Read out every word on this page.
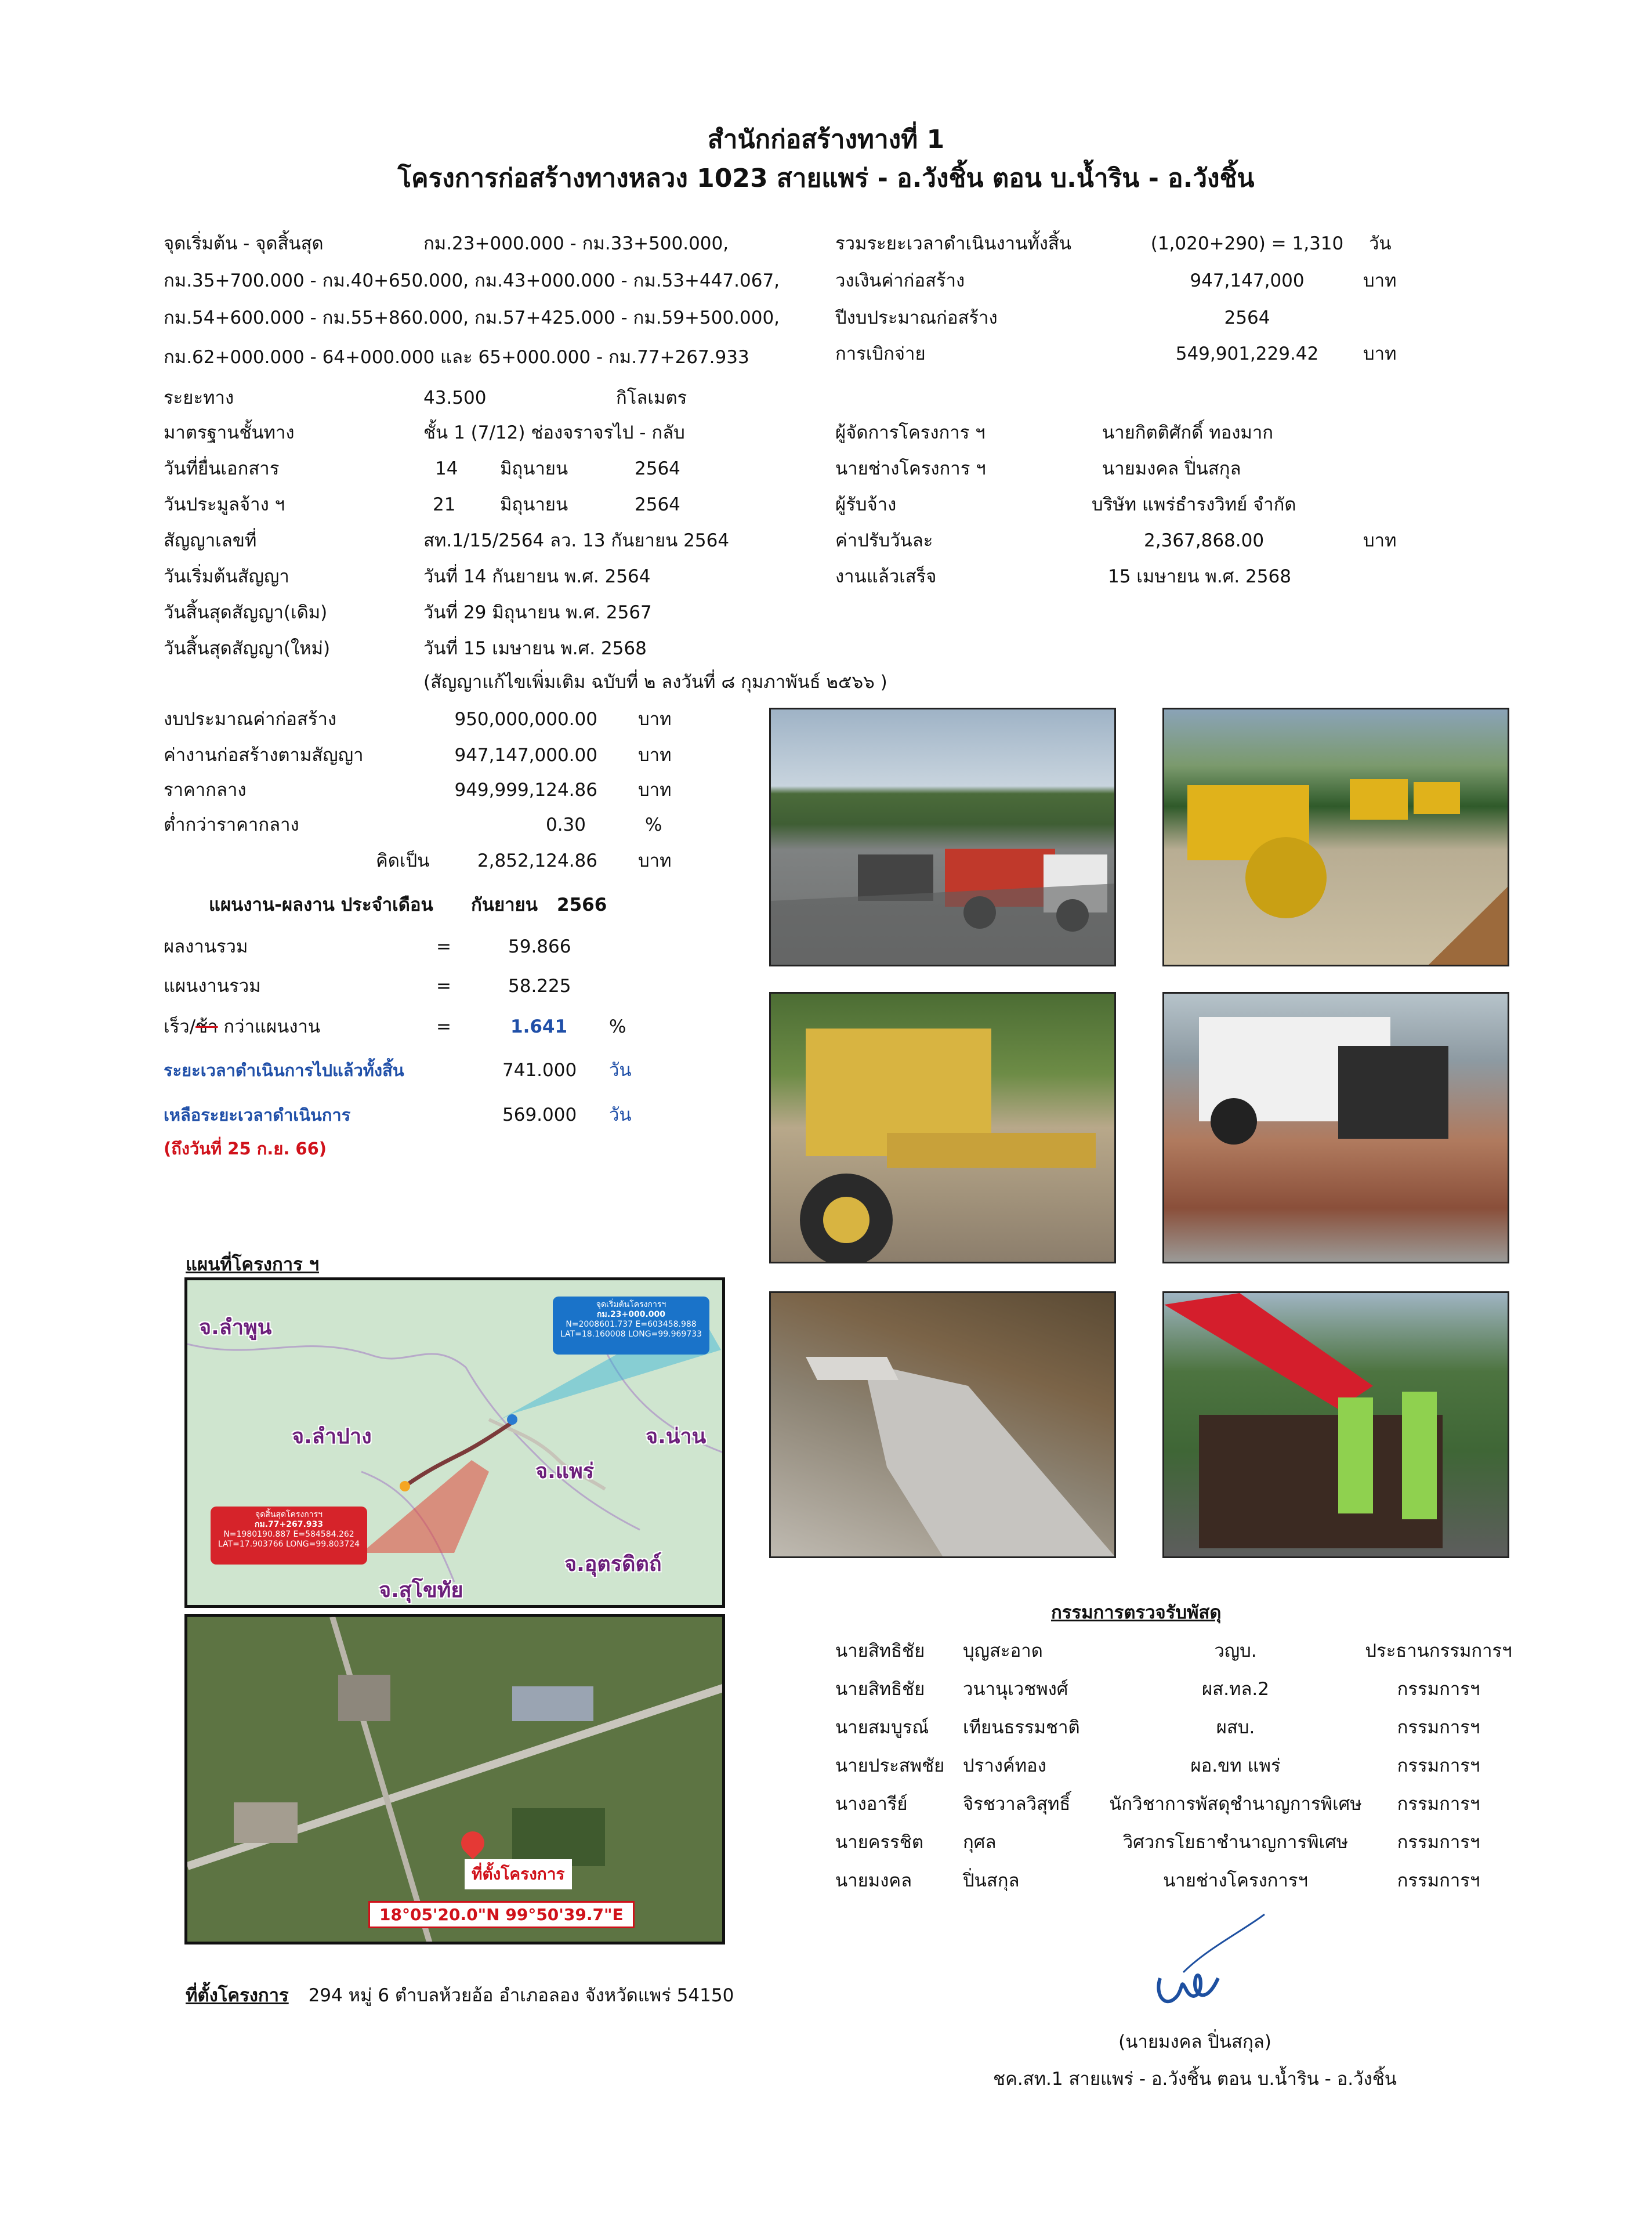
สำนักก่อสร้างทางที่ 1
โครงการก่อสร้างทางหลวง 1023 สายแพร่ - อ.วังชิ้น ตอน บ.น้ำริน - อ.วังชิ้น
จุดเริ่มต้น - จุดสิ้นสุด	กม.23+000.000 - กม.33+500.000,
กม.35+700.000 - กม.40+650.000, กม.43+000.000 - กม.53+447.067,
กม.54+600.000 - กม.55+860.000, กม.57+425.000 - กม.59+500.000,
กม.62+000.000 - 64+000.000 และ 65+000.000 - กม.77+267.933
รวมระยะเวลาดำเนินงานทั้งสิ้น	(1,020+290) = 1,310	วัน
วงเงินค่าก่อสร้าง	947,147,000	บาท
ปีงบประมาณก่อสร้าง	2564
การเบิกจ่าย	549,901,229.42	บาท
ระยะทาง	43.500	กิโลเมตร
มาตรฐานชั้นทาง	ชั้น 1 (7/12) ช่องจราจรไป - กลับ
วันที่ยื่นเอกสาร	14 มิถุนายน	2564
วันประมูลจ้าง ฯ	21 มิถุนายน	2564
สัญญาเลขที่	สท.1/15/2564 ลว. 13 กันยายน 2564
วันเริ่มต้นสัญญา	วันที่ 14 กันยายน พ.ศ. 2564
วันสิ้นสุดสัญญา(เดิม)	วันที่ 29 มิถุนายน พ.ศ. 2567
วันสิ้นสุดสัญญา(ใหม่)	วันที่ 15 เมษายน พ.ศ. 2568
(สัญญาแก้ไขเพิ่มเติม ฉบับที่ ๒ ลงวันที่ ๘ กุมภาพันธ์ ๒๕๖๖ )
ผู้จัดการโครงการ ฯ	นายกิตติศักดิ์ ทองมาก
นายช่างโครงการ ฯ	นายมงคล ปิ่นสกุล
ผู้รับจ้าง	บริษัท แพร่ธำรงวิทย์ จำกัด
ค่าปรับวันละ	2,367,868.00	บาท
งานแล้วเสร็จ	15 เมษายน พ.ศ. 2568
งบประมาณค่าก่อสร้าง	950,000,000.00 บาท
ค่างานก่อสร้างตามสัญญา	947,147,000.00 บาท
ราคากลาง	949,999,124.86 บาท
ต่ำกว่าราคากลาง	0.30	%
คิดเป็น	2,852,124.86 บาท
แผนงาน-ผลงาน ประจำเดือน กันยายน 2566
ผลงานรวม	=	59.866
แผนงานรวม	=	58.225
เร็ว/ช้า กว่าแผนงาน	=	1.641 %
ระยะเวลาดำเนินการไปแล้วทั้งสิ้น	741.000 วัน
เหลือระยะเวลาดำเนินการ	569.000 วัน
(ถึงวันที่ 25 ก.ย. 66)
แผนที่โครงการ ฯ
จ.ลำพูน
จ.ลำปาง
จ.แพร่
จ.น่าน
จ.อุตรดิตถ์
จ.สุโขทัย
จุดเริ่มต้นโครงการฯ
กม.23+000.000
N=2008601.737 E=603458.988
LAT=18.160008 LONG=99.969733
จุดสิ้นสุดโครงการฯ
กม.77+267.933
N=1980190.887 E=584584.262
LAT=17.903766 LONG=99.803724
ที่ตั้งโครงการ
18°05'20.0"N 99°50'39.7"E
ที่ตั้งโครงการ 294 หมู่ 6 ตำบลห้วยอ้อ อำเภอลอง จังหวัดแพร่ 54150
กรรมการตรวจรับพัสดุ
นายสิทธิชัย บุญสะอาด	วญบ.	ประธานกรรมการฯ
นายสิทธิชัย วนานุเวชพงศ์	ผส.ทล.2	กรรมการฯ
นายสมบูรณ์ เทียนธรรมชาติ	ผสบ.	กรรมการฯ
นายประสพชัย ปรางค์ทอง	ผอ.ขท แพร่	กรรมการฯ
นางอารีย์	จิรชวาลวิสุทธิ์	นักวิชาการพัสดุชำนาญการพิเศษ	กรรมการฯ
นายครรชิต กุศล	วิศวกรโยธาชำนาญการพิเศษ	กรรมการฯ
นายมงคล	ปิ่นสกุล	นายช่างโครงการฯ	กรรมการฯ
(นายมงคล ปิ่นสกุล)
ชค.สท.1 สายแพร่ - อ.วังชิ้น ตอน บ.น้ำริน - อ.วังชิ้น
